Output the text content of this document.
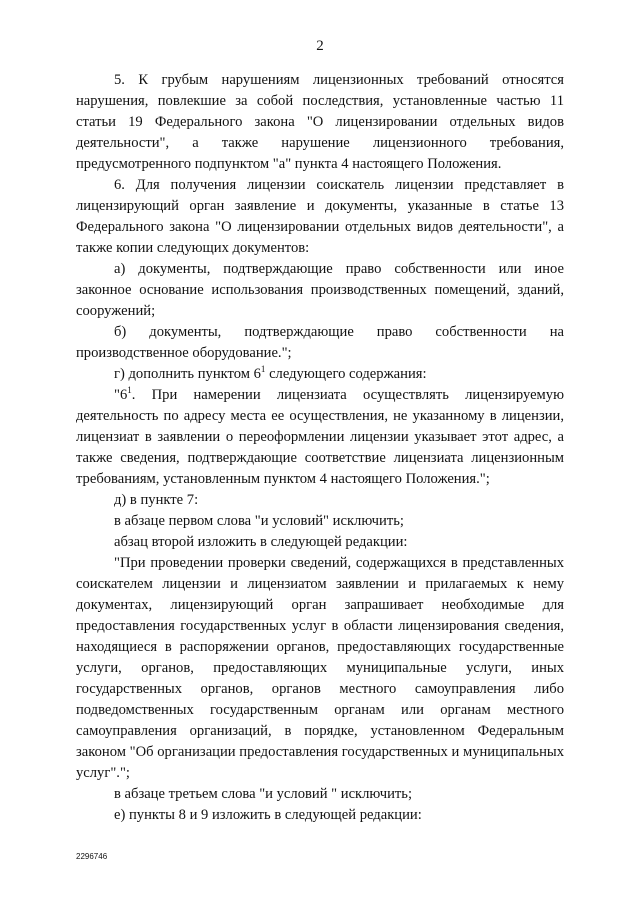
2

5. К грубым нарушениям лицензионных требований относятся нарушения, повлекшие за собой последствия, установленные частью 11 статьи 19 Федерального закона "О лицензировании отдельных видов деятельности", а также нарушение лицензионного требования, предусмотренного подпунктом "а" пункта 4 настоящего Положения.

6. Для получения лицензии соискатель лицензии представляет в лицензирующий орган заявление и документы, указанные в статье 13 Федерального закона "О лицензировании отдельных видов деятельности", а также копии следующих документов:

а) документы, подтверждающие право собственности или иное законное основание использования производственных помещений, зданий, сооружений;

б) документы, подтверждающие право собственности на производственное оборудование.";

г) дополнить пунктом $6^1$ следующего содержания:

"$6^1$. При намерении лицензиата осуществлять лицензируемую деятельность по адресу места ее осуществления, не указанному в лицензии, лицензиат в заявлении о переоформлении лицензии указывает этот адрес, а также сведения, подтверждающие соответствие лицензиата лицензионным требованиям, установленным пунктом 4 настоящего Положения.";

д) в пункте 7:

в абзаце первом слова "и условий" исключить;

абзац второй изложить в следующей редакции:

"При проведении проверки сведений, содержащихся в представленных соискателем лицензии и лицензиатом заявлении и прилагаемых к нему документах, лицензирующий орган запрашивает необходимые для предоставления государственных услуг в области лицензирования сведения, находящиеся в распоряжении органов, предоставляющих государственные услуги, органов, предоставляющих муниципальные услуги, иных государственных органов, органов местного самоуправления либо подведомственных государственным органам или органам местного самоуправления организаций, в порядке, установленном Федеральным законом "Об организации предоставления государственных и муниципальных услуг".";

в абзаце третьем слова "и условий " исключить;

е) пункты 8 и 9 изложить в следующей редакции:

2296746
